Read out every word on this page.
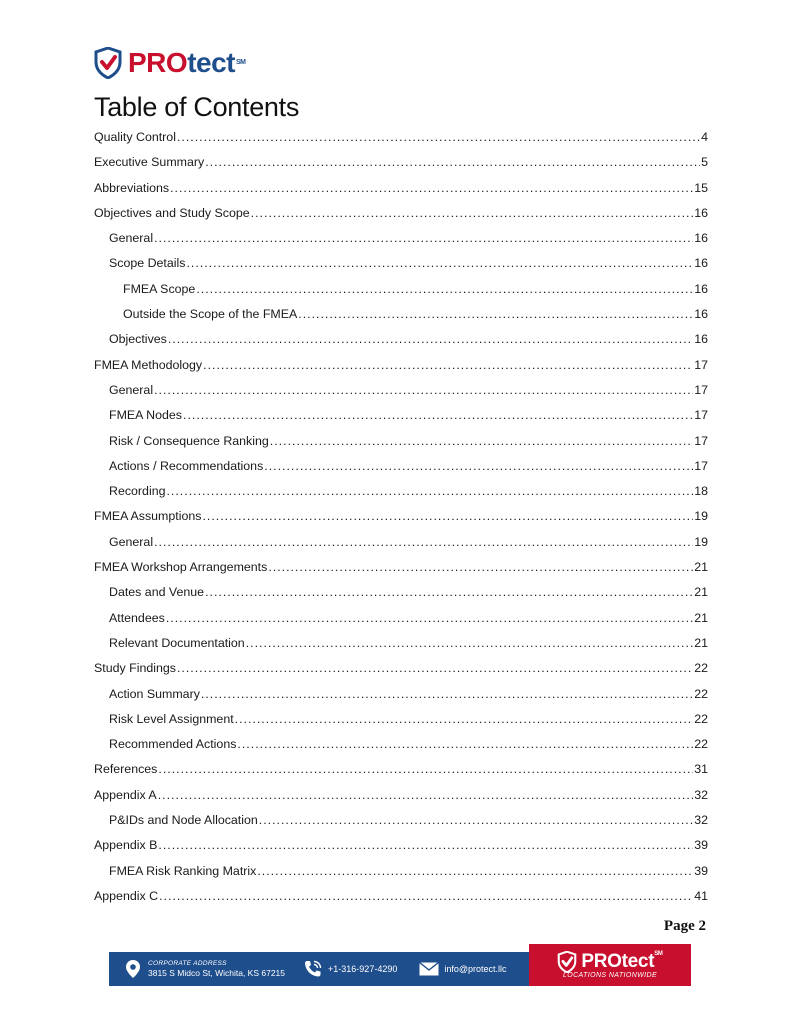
PROtect℠
Table of Contents
Quality Control .....	4
Executive Summary .....	5
Abbreviations .....	15
Objectives and Study Scope .....	16
General .....	16
Scope Details .....	16
FMEA Scope .....	16
Outside the Scope of the FMEA .....	16
Objectives .....	16
FMEA Methodology .....	17
General .....	17
FMEA Nodes .....	17
Risk / Consequence Ranking .....	17
Actions / Recommendations .....	17
Recording .....	18
FMEA Assumptions .....	19
General .....	19
FMEA Workshop Arrangements .....	21
Dates and Venue .....	21
Attendees .....	21
Relevant Documentation .....	21
Study Findings .....	22
Action Summary .....	22
Risk Level Assignment .....	22
Recommended Actions .....	22
References .....	31
Appendix A .....	32
P&IDs and Node Allocation .....	32
Appendix B .....	39
FMEA Risk Ranking Matrix .....	39
Appendix C .....	41
Page 2
CORPORATE ADDRESS
3815 S Midco St, Wichita, KS 67215	+1-316-927-4290	info@protect.llc	PROtect℠
LOCATIONS NATIONWIDE
